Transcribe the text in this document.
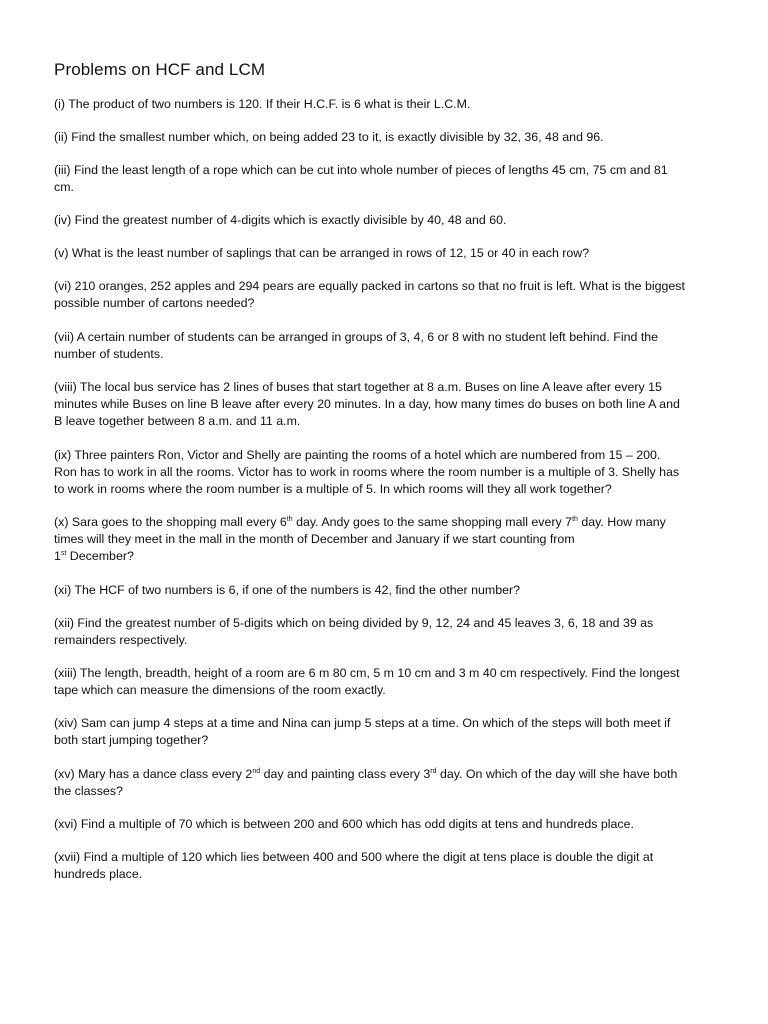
Problems on HCF and LCM

(i) The product of two numbers is 120. If their H.C.F. is 6 what is their L.C.M.

(ii) Find the smallest number which, on being added 23 to it, is exactly divisible by 32, 36, 48 and 96.

(iii) Find the least length of a rope which can be cut into whole number of pieces of lengths 45 cm, 75 cm and 81 cm.

(iv) Find the greatest number of 4-digits which is exactly divisible by 40, 48 and 60.

(v) What is the least number of saplings that can be arranged in rows of 12, 15 or 40 in each row?

(vi) 210 oranges, 252 apples and 294 pears are equally packed in cartons so that no fruit is left. What is the biggest possible number of cartons needed?

(vii) A certain number of students can be arranged in groups of 3, 4, 6 or 8 with no student left behind. Find the number of students.

(viii) The local bus service has 2 lines of buses that start together at 8 a.m. Buses on line A leave after every 15 minutes while Buses on line B leave after every 20 minutes. In a day, how many times do buses on both line A and B leave together between 8 a.m. and 11 a.m.

(ix) Three painters Ron, Victor and Shelly are painting the rooms of a hotel which are numbered from 15 – 200. Ron has to work in all the rooms. Victor has to work in rooms where the room number is a multiple of 3. Shelly has to work in rooms where the room number is a multiple of 5. In which rooms will they all work together?

(x) Sara goes to the shopping mall every 6th day. Andy goes to the same shopping mall every 7th day. How many times will they meet in the mall in the month of December and January if we start counting from
1st December?

(xi) The HCF of two numbers is 6, if one of the numbers is 42, find the other number?

(xii) Find the greatest number of 5-digits which on being divided by 9, 12, 24 and 45 leaves 3, 6, 18 and 39 as remainders respectively.

(xiii) The length, breadth, height of a room are 6 m 80 cm, 5 m 10 cm and 3 m 40 cm respectively. Find the longest tape which can measure the dimensions of the room exactly.

(xiv) Sam can jump 4 steps at a time and Nina can jump 5 steps at a time. On which of the steps will both meet if both start jumping together?

(xv) Mary has a dance class every 2nd day and painting class every 3rd day. On which of the day will she have both the classes?

(xvi) Find a multiple of 70 which is between 200 and 600 which has odd digits at tens and hundreds place.

(xvii) Find a multiple of 120 which lies between 400 and 500 where the digit at tens place is double the digit at hundreds place.
